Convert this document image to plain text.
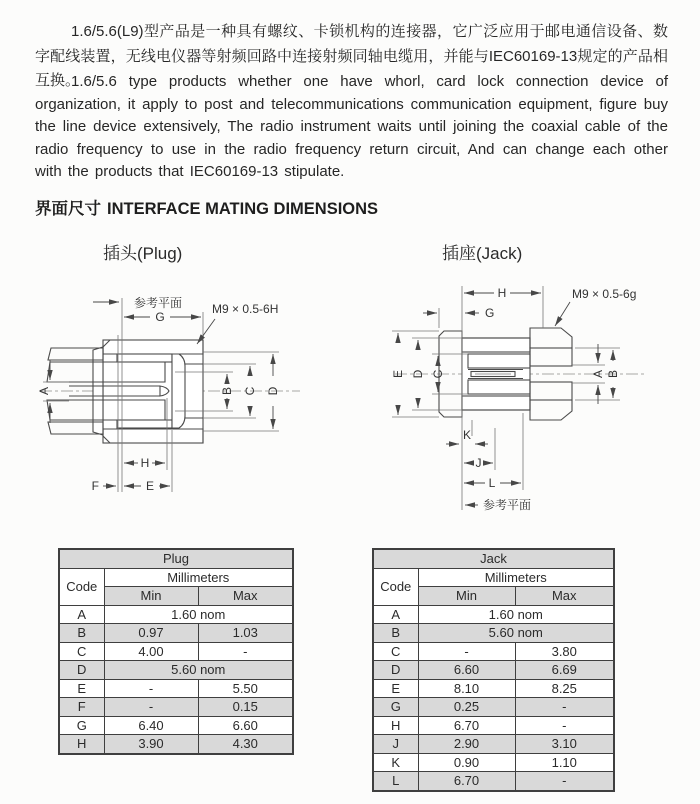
1.6/5.6(L9)型产品是一种具有螺纹、卡锁机构的连接器，它广泛应用于邮电通信设备、数字配线装置，无线电仪器等射频回路中连接射频同轴电缆用，并能与IEC60169-13规定的产品相互换。

1.6/5.6 type products whether one have whorl, card lock connection device of organization, it apply to post and telecommunications communication equipment, figure buy the line device extensively, The radio instrument waits until joining the coaxial cable of the radio frequency to use in the radio frequency return circuit, And can change each other with the products that IEC60169-13 stipulate.

界面尺寸 INTERFACE MATING DIMENSIONS
插头(Plug)	插座(Jack)
参考平面
G
M9 × 0.5-6H
A	B C D
H
F	E
H	M9 × 0.5-6g
G
E D C	A B
K
J
L
参考平面
Plug		
Code	Millimeters	
	Min	Max
A	1.60 nom	
B	0.97	1.03
C	4.00	-
D	5.60 nom	
E	-	5.50
F	-	0.15
G	6.40	6.60
H	3.90	4.30
Jack		
Code	Millimeters	
	Min	Max
A	1.60 nom	
B	5.60 nom	
C	-	3.80
D	6.60	6.69
E	8.10	8.25
G	0.25	-
H	6.70	-
J	2.90	3.10
K	0.90	1.10
L	6.70	-
